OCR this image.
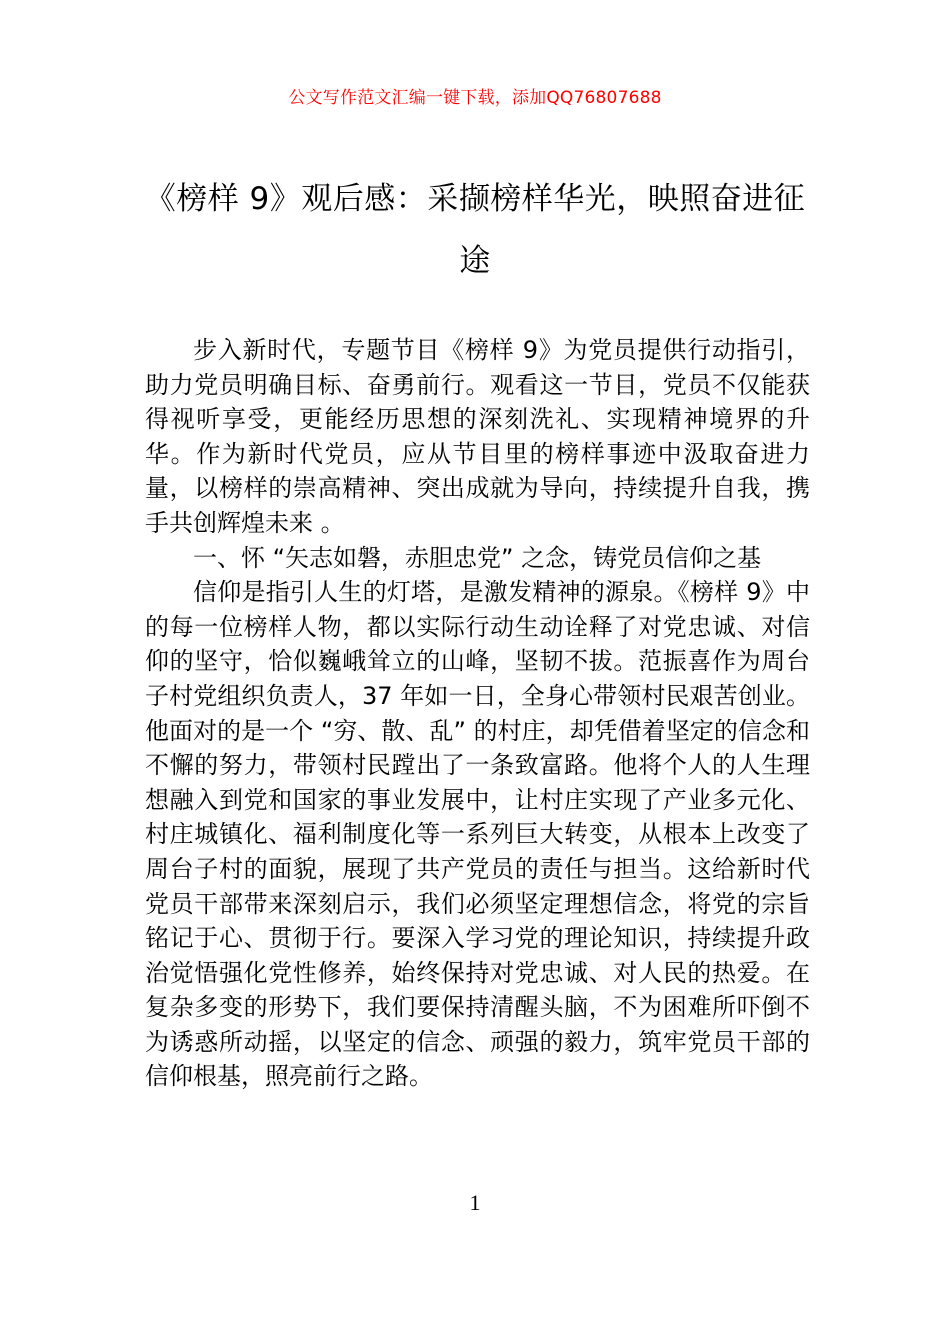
公文写作范文汇编一键下载，添加QQ76807688
《榜样 9》观后感：采撷榜样华光，映照奋进征途

步入新时代，专题节目《榜样 9》为党员提供行动指引，助力党员明确目标、奋勇前行。观看这一节目，党员不仅能获得视听享受，更能经历思想的深刻洗礼、实现精神境界的升华。作为新时代党员，应从节目里的榜样事迹中汲取奋进力量，以榜样的崇高精神、突出成就为导向，持续提升自我，携手共创辉煌未来 。

一、怀 “矢志如磐，赤胆忠党” 之念，铸党员信仰之基

信仰是指引人生的灯塔，是激发精神的源泉。《榜样 9》中的每一位榜样人物，都以实际行动生动诠释了对党忠诚、对信仰的坚守，恰似巍峨耸立的山峰，坚韧不拔。范振喜作为周台子村党组织负责人，37 年如一日，全身心带领村民艰苦创业。他面对的是一个 “穷、散、乱” 的村庄，却凭借着坚定的信念和不懈的努力，带领村民蹚出了一条致富路。他将个人的人生理想融入到党和国家的事业发展中，让村庄实现了产业多元化、村庄城镇化、福利制度化等一系列巨大转变，从根本上改变了周台子村的面貌，展现了共产党员的责任与担当。这给新时代党员干部带来深刻启示，我们必须坚定理想信念，将党的宗旨铭记于心、贯彻于行。要深入学习党的理论知识，持续提升政治觉悟强化党性修养，始终保持对党忠诚、对人民的热爱。在复杂多变的形势下，我们要保持清醒头脑，不为困难所吓倒不为诱惑所动摇，以坚定的信念、顽强的毅力，筑牢党员干部的信仰根基，照亮前行之路。

1
